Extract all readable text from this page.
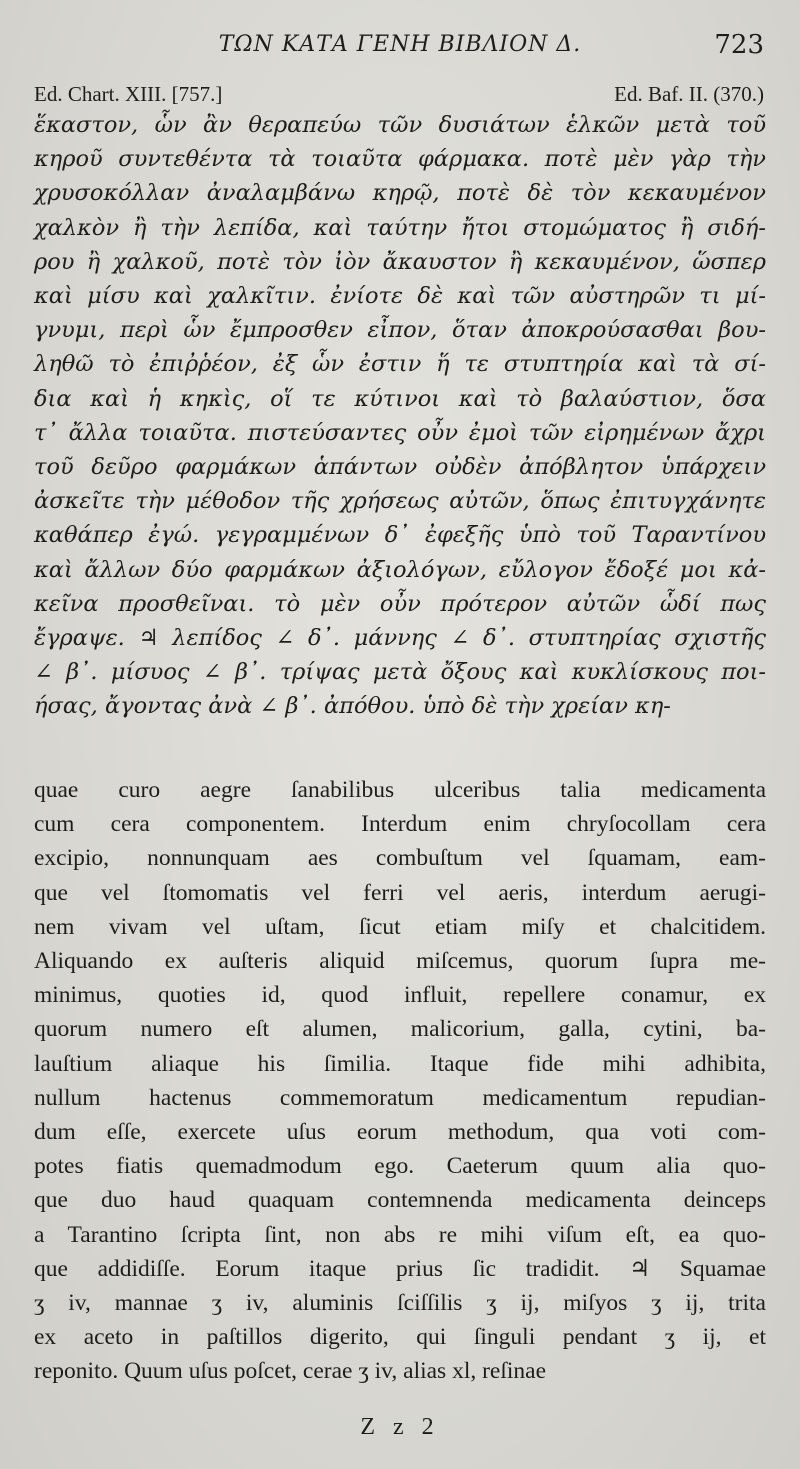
ΤΩΝ ΚΑΤΑ ΓΕΝΗ ΒΙΒΛΙΟΝ Δ.	723
Ed. Chart. XIII. [757.]	Ed. Baf. II. (370.)
ἕκαστον, ὧν ἂν θεραπεύω τῶν δυσιάτων ἑλκῶν μετὰ τοῦ
κηροῦ συντεθέντα τὰ τοιαῦτα φάρμακα. ποτὲ μὲν γὰρ τὴν
χρυσοκόλλαν ἀναλαμβάνω κηρῷ, ποτὲ δὲ τὸν κεκαυμένον
χαλκὸν ἢ τὴν λεπίδα, καὶ ταύτην ἤτοι στομώματος ἢ σιδή-
ρου ἢ χαλκοῦ, ποτὲ τὸν ἰὸν ἄκαυστον ἢ κεκαυμένον, ὥσπερ
καὶ μίσυ καὶ χαλκῖτιν. ἐνίοτε δὲ καὶ τῶν αὐστηρῶν τι μί-
γνυμι, περὶ ὧν ἔμπροσθεν εἶπον, ὅταν ἀποκρούσασθαι βου-
ληθῶ τὸ ἐπιῤῥέον, ἐξ ὧν ἐστιν ἥ τε στυπτηρία καὶ τὰ σί-
δια καὶ ἡ κηκὶς, οἵ τε κύτινοι καὶ τὸ βαλαύστιον, ὅσα
τ᾽ ἄλλα τοιαῦτα. πιστεύσαντες οὖν ἐμοὶ τῶν εἰρημένων ἄχρι
τοῦ δεῦρο φαρμάκων ἁπάντων οὐδὲν ἀπόβλητον ὑπάρχειν
ἀσκεῖτε τὴν μέθοδον τῆς χρήσεως αὐτῶν, ὅπως ἐπιτυγχάνητε
καθάπερ ἐγώ. γεγραμμένων δ᾽ ἐφεξῆς ὑπὸ τοῦ Ταραντίνου
καὶ ἄλλων δύο φαρμάκων ἀξιολόγων, εὔλογον ἔδοξέ μοι κἀ-
κεῖνα προσθεῖναι. τὸ μὲν οὖν πρότερον αὐτῶν ὧδί πως
ἔγραψε. ♃ λεπίδος ∠ δ᾽. μάννης ∠ δ᾽. στυπτηρίας σχιστῆς
∠ β᾽. μίσυος ∠ β᾽. τρίψας μετὰ ὄξους καὶ κυκλίσκους ποι-
ήσας, ἄγοντας ἀνὰ ∠ β᾽. ἀπόθου. ὑπὸ δὲ τὴν χρείαν κη-
quae curo aegre ſanabilibus ulceribus talia medicamenta
cum cera componentem. Interdum enim chryſocollam cera
excipio, nonnunquam aes combuſtum vel ſquamam, eam-
que vel ſtomomatis vel ferri vel aeris, interdum aerugi-
nem vivam vel uſtam, ſicut etiam miſy et chalcitidem.
Aliquando ex auſteris aliquid miſcemus, quorum ſupra me-
minimus, quoties id, quod influit, repellere conamur, ex
quorum numero eſt alumen, malicorium, galla, cytini, ba-
lauſtium aliaque his ſimilia. Itaque fide mihi adhibita,
nullum hactenus commemoratum medicamentum repudian-
dum eſſe, exercete uſus eorum methodum, qua voti com-
potes fiatis quemadmodum ego. Caeterum quum alia quo-
que duo haud quaquam contemnenda medicamenta deinceps
a Tarantino ſcripta ſint, non abs re mihi viſum eſt, ea quo-
que addidiſſe. Eorum itaque prius ſic tradidit. ♃ Squamae
ʒ iv, mannae ʒ iv, aluminis ſciſſilis ʒ ij, miſyos ʒ ij, trita
ex aceto in paſtillos digerito, qui ſinguli pendant ʒ ij, et
reponito. Quum uſus poſcet, cerae ʒ iv, alias xl, reſinae
Z z 2
